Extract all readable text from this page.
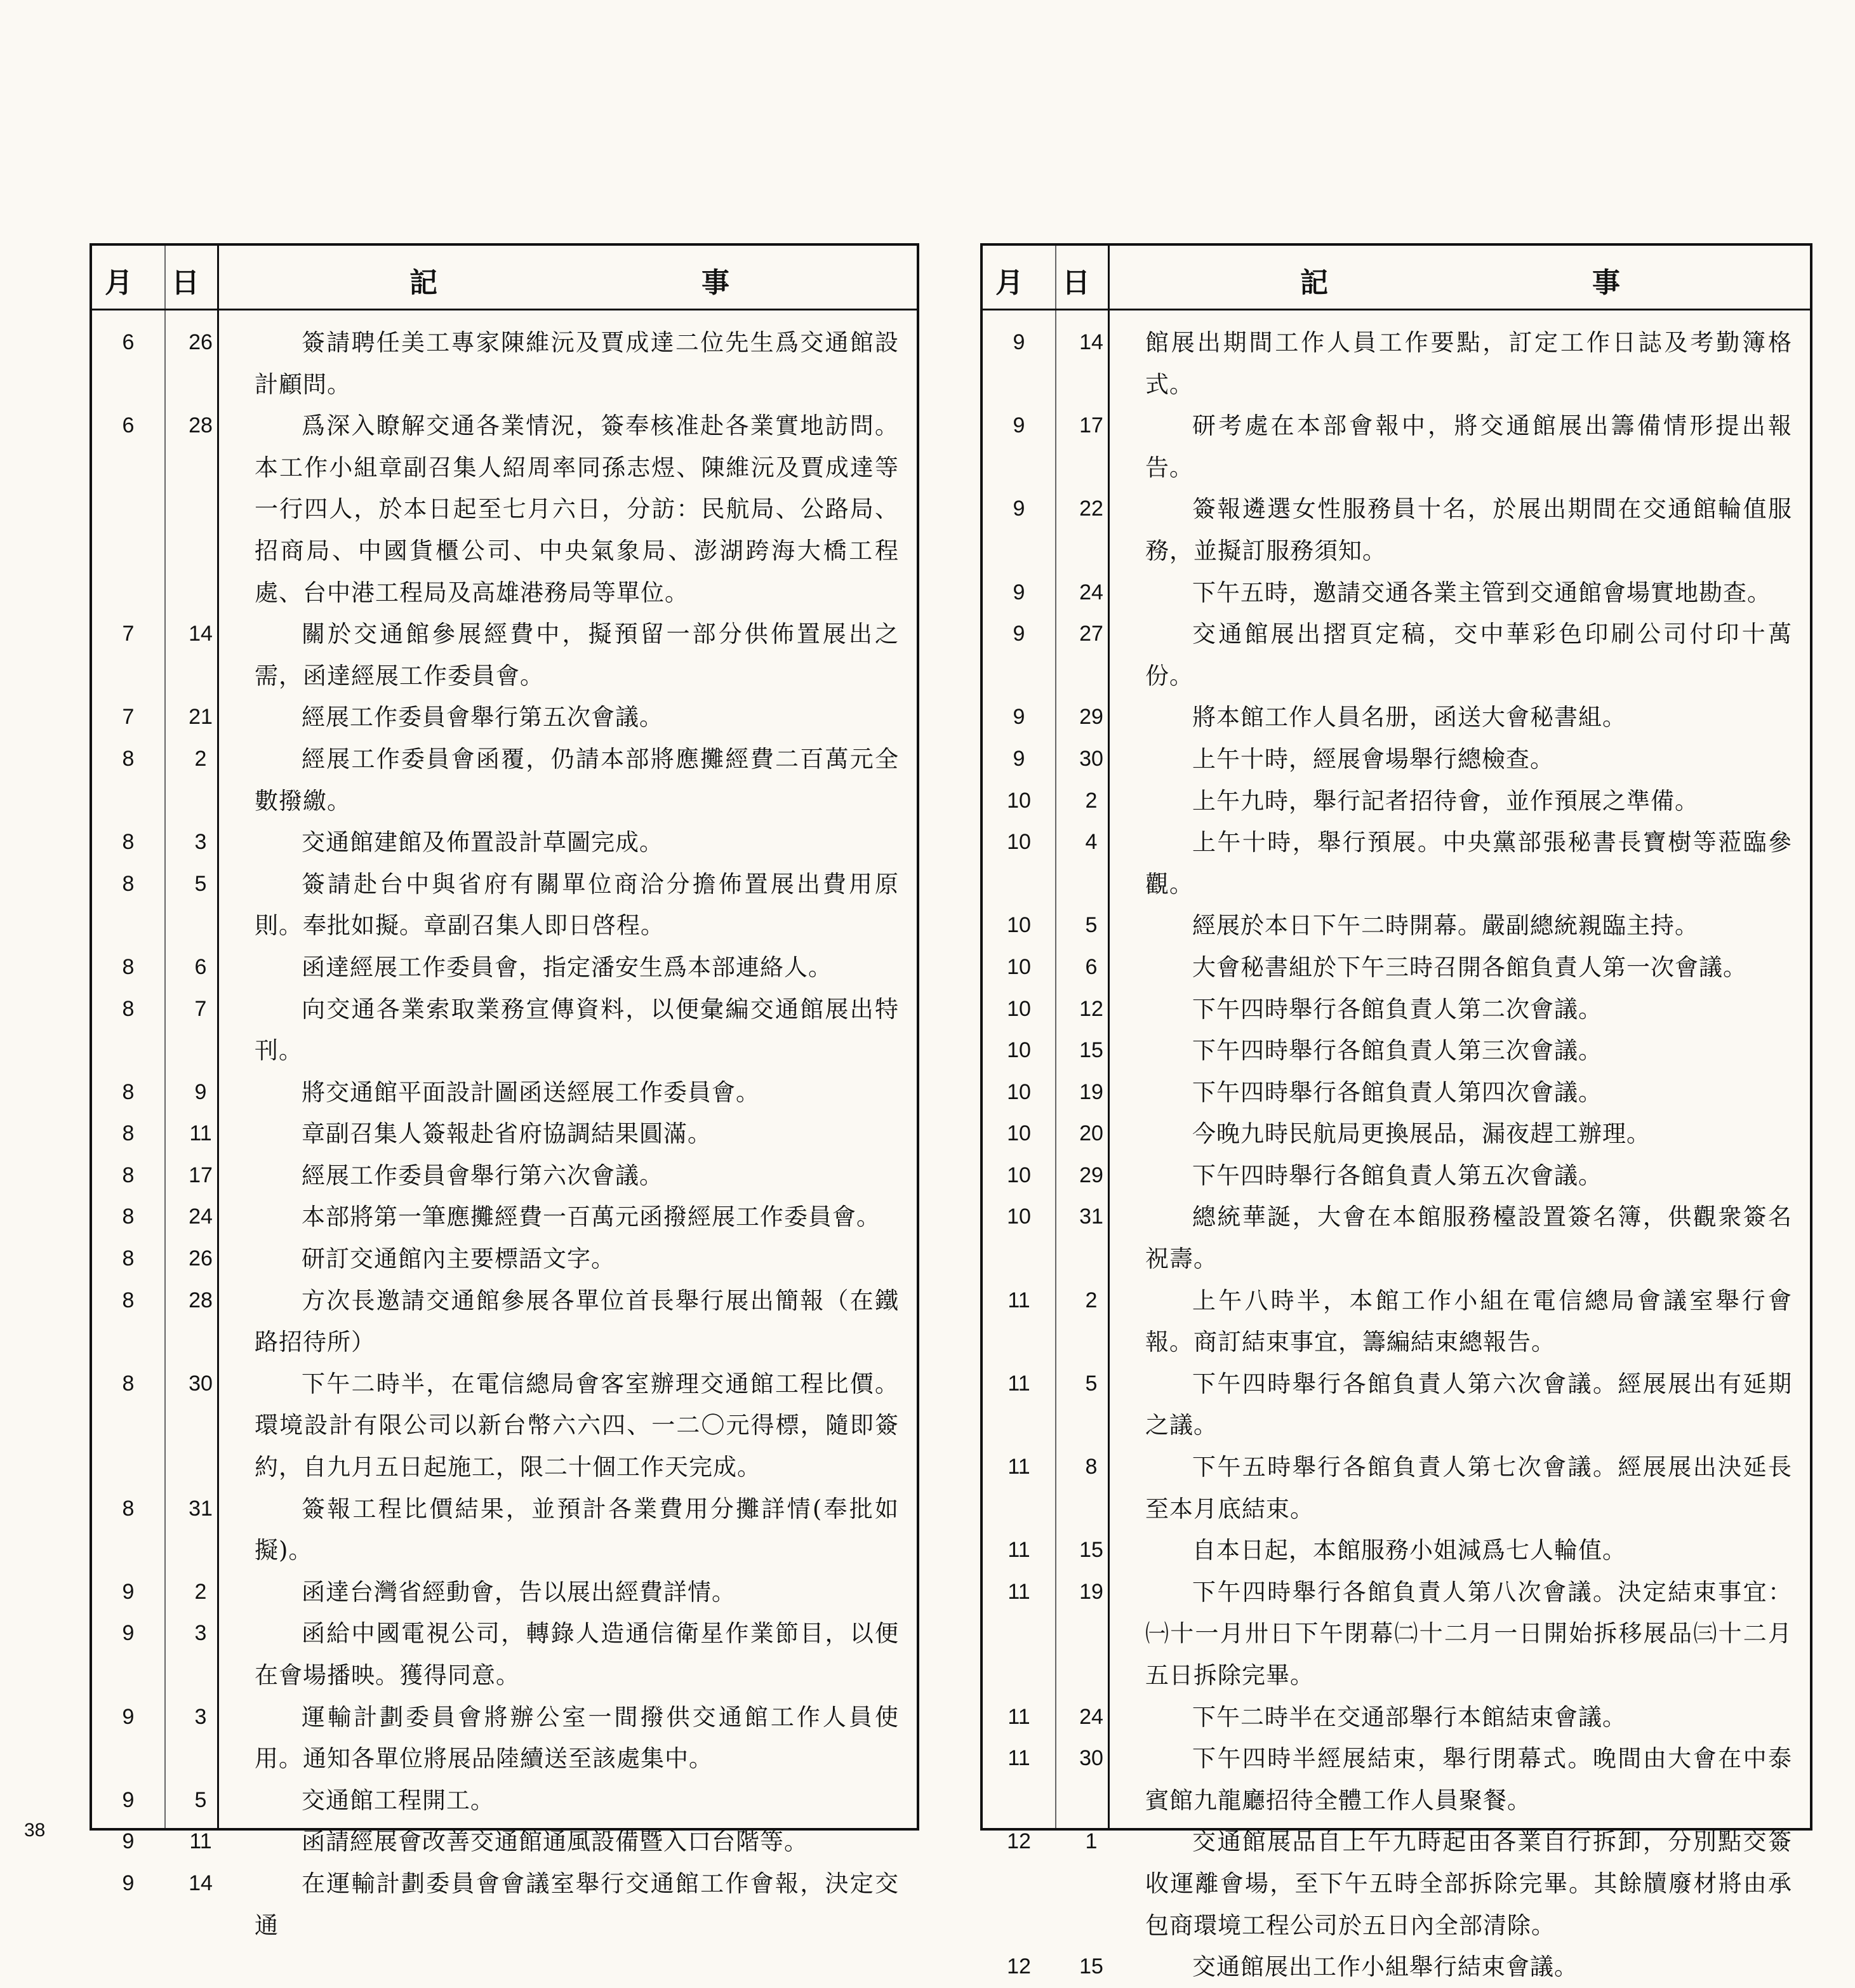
月 日	記	事
6	26	簽請聘任美工專家陳維沅及賈成達二位先生爲交通館設計顧問。
6	28	爲深入瞭解交通各業情況，簽奉核准赴各業實地訪問。本工作小組章副召集人紹周率同孫志煜、陳維沅及賈成達等一行四人，於本日起至七月六日，分訪：民航局、公路局、招商局、中國貨櫃公司、中央氣象局、澎湖跨海大橋工程處、台中港工程局及高雄港務局等單位。
7	14	關於交通館參展經費中，擬預留一部分供佈置展出之需，函達經展工作委員會。
7	21	經展工作委員會舉行第五次會議。
8	2	經展工作委員會函覆，仍請本部將應攤經費二百萬元全數撥繳。
8	3	交通館建館及佈置設計草圖完成。
8	5	簽請赴台中與省府有關單位商洽分擔佈置展出費用原則。奉批如擬。章副召集人即日啓程。
8	6	函達經展工作委員會，指定潘安生爲本部連絡人。
8	7	向交通各業索取業務宣傳資料，以便彙編交通館展出特刊。
8	9	將交通館平面設計圖函送經展工作委員會。
8	11	章副召集人簽報赴省府協調結果圓滿。
8	17	經展工作委員會舉行第六次會議。
8	24	本部將第一筆應攤經費一百萬元函撥經展工作委員會。
8	26	研訂交通館內主要標語文字。
8	28	方次長邀請交通館參展各單位首長舉行展出簡報（在鐵路招待所）
8	30	下午二時半，在電信總局會客室辦理交通館工程比價。環境設計有限公司以新台幣六六四、一二〇元得標，隨即簽約，自九月五日起施工，限二十個工作天完成。
8	31	簽報工程比價結果，並預計各業費用分攤詳情(奉批如擬)。
9	2	函達台灣省經動會，告以展出經費詳情。
9	3	函給中國電視公司，轉錄人造通信衛星作業節目，以便在會場播映。獲得同意。
9	3	運輸計劃委員會將辦公室一間撥供交通館工作人員使用。通知各單位將展品陸續送至該處集中。
9	5	交通館工程開工。
9	11	函請經展會改善交通館通風設備暨入口台階等。
9	14	在運輸計劃委員會會議室舉行交通館工作會報，決定交通
月 日	記	事
9	14	館展出期間工作人員工作要點，訂定工作日誌及考勤簿格式。
9	17	研考處在本部會報中，將交通館展出籌備情形提出報告。
9	22	簽報遴選女性服務員十名，於展出期間在交通館輪值服務，並擬訂服務須知。
9	24	下午五時，邀請交通各業主管到交通館會場實地勘查。
9	27	交通館展出摺頁定稿，交中華彩色印刷公司付印十萬份。
9	29	將本館工作人員名册，函送大會秘書組。
9	30	上午十時，經展會場舉行總檢查。
10	2	上午九時，舉行記者招待會，並作預展之準備。
10	4	上午十時，舉行預展。中央黨部張秘書長寶樹等蒞臨參觀。
10	5	經展於本日下午二時開幕。嚴副總統親臨主持。
10	6	大會秘書組於下午三時召開各館負責人第一次會議。
10	12	下午四時舉行各館負責人第二次會議。
10	15	下午四時舉行各館負責人第三次會議。
10	19	下午四時舉行各館負責人第四次會議。
10	20	今晚九時民航局更換展品，漏夜趕工辦理。
10	29	下午四時舉行各館負責人第五次會議。
10	31	總統華誕，大會在本館服務檯設置簽名簿，供觀衆簽名祝壽。
11	2	上午八時半，本館工作小組在電信總局會議室舉行會報。商訂結束事宜，籌編結束總報告。
11	5	下午四時舉行各館負責人第六次會議。經展展出有延期之議。
11	8	下午五時舉行各館負責人第七次會議。經展展出決延長至本月底結束。
11	15	自本日起，本館服務小姐減爲七人輪值。
11	19	下午四時舉行各館負責人第八次會議。決定結束事宜：㈠十一月卅日下午閉幕㈡十二月一日開始拆移展品㈢十二月五日拆除完畢。
11	24	下午二時半在交通部舉行本館結束會議。
11	30	下午四時半經展結束，舉行閉幕式。晚間由大會在中泰賓館九龍廳招待全體工作人員聚餐。
12	1	交通館展品自上午九時起由各業自行拆卸，分別點交簽收運離會場，至下午五時全部拆除完畢。其餘牘廢材將由承包商環境工程公司於五日內全部清除。
12	15	交通館展出工作小組舉行結束會議。
38
